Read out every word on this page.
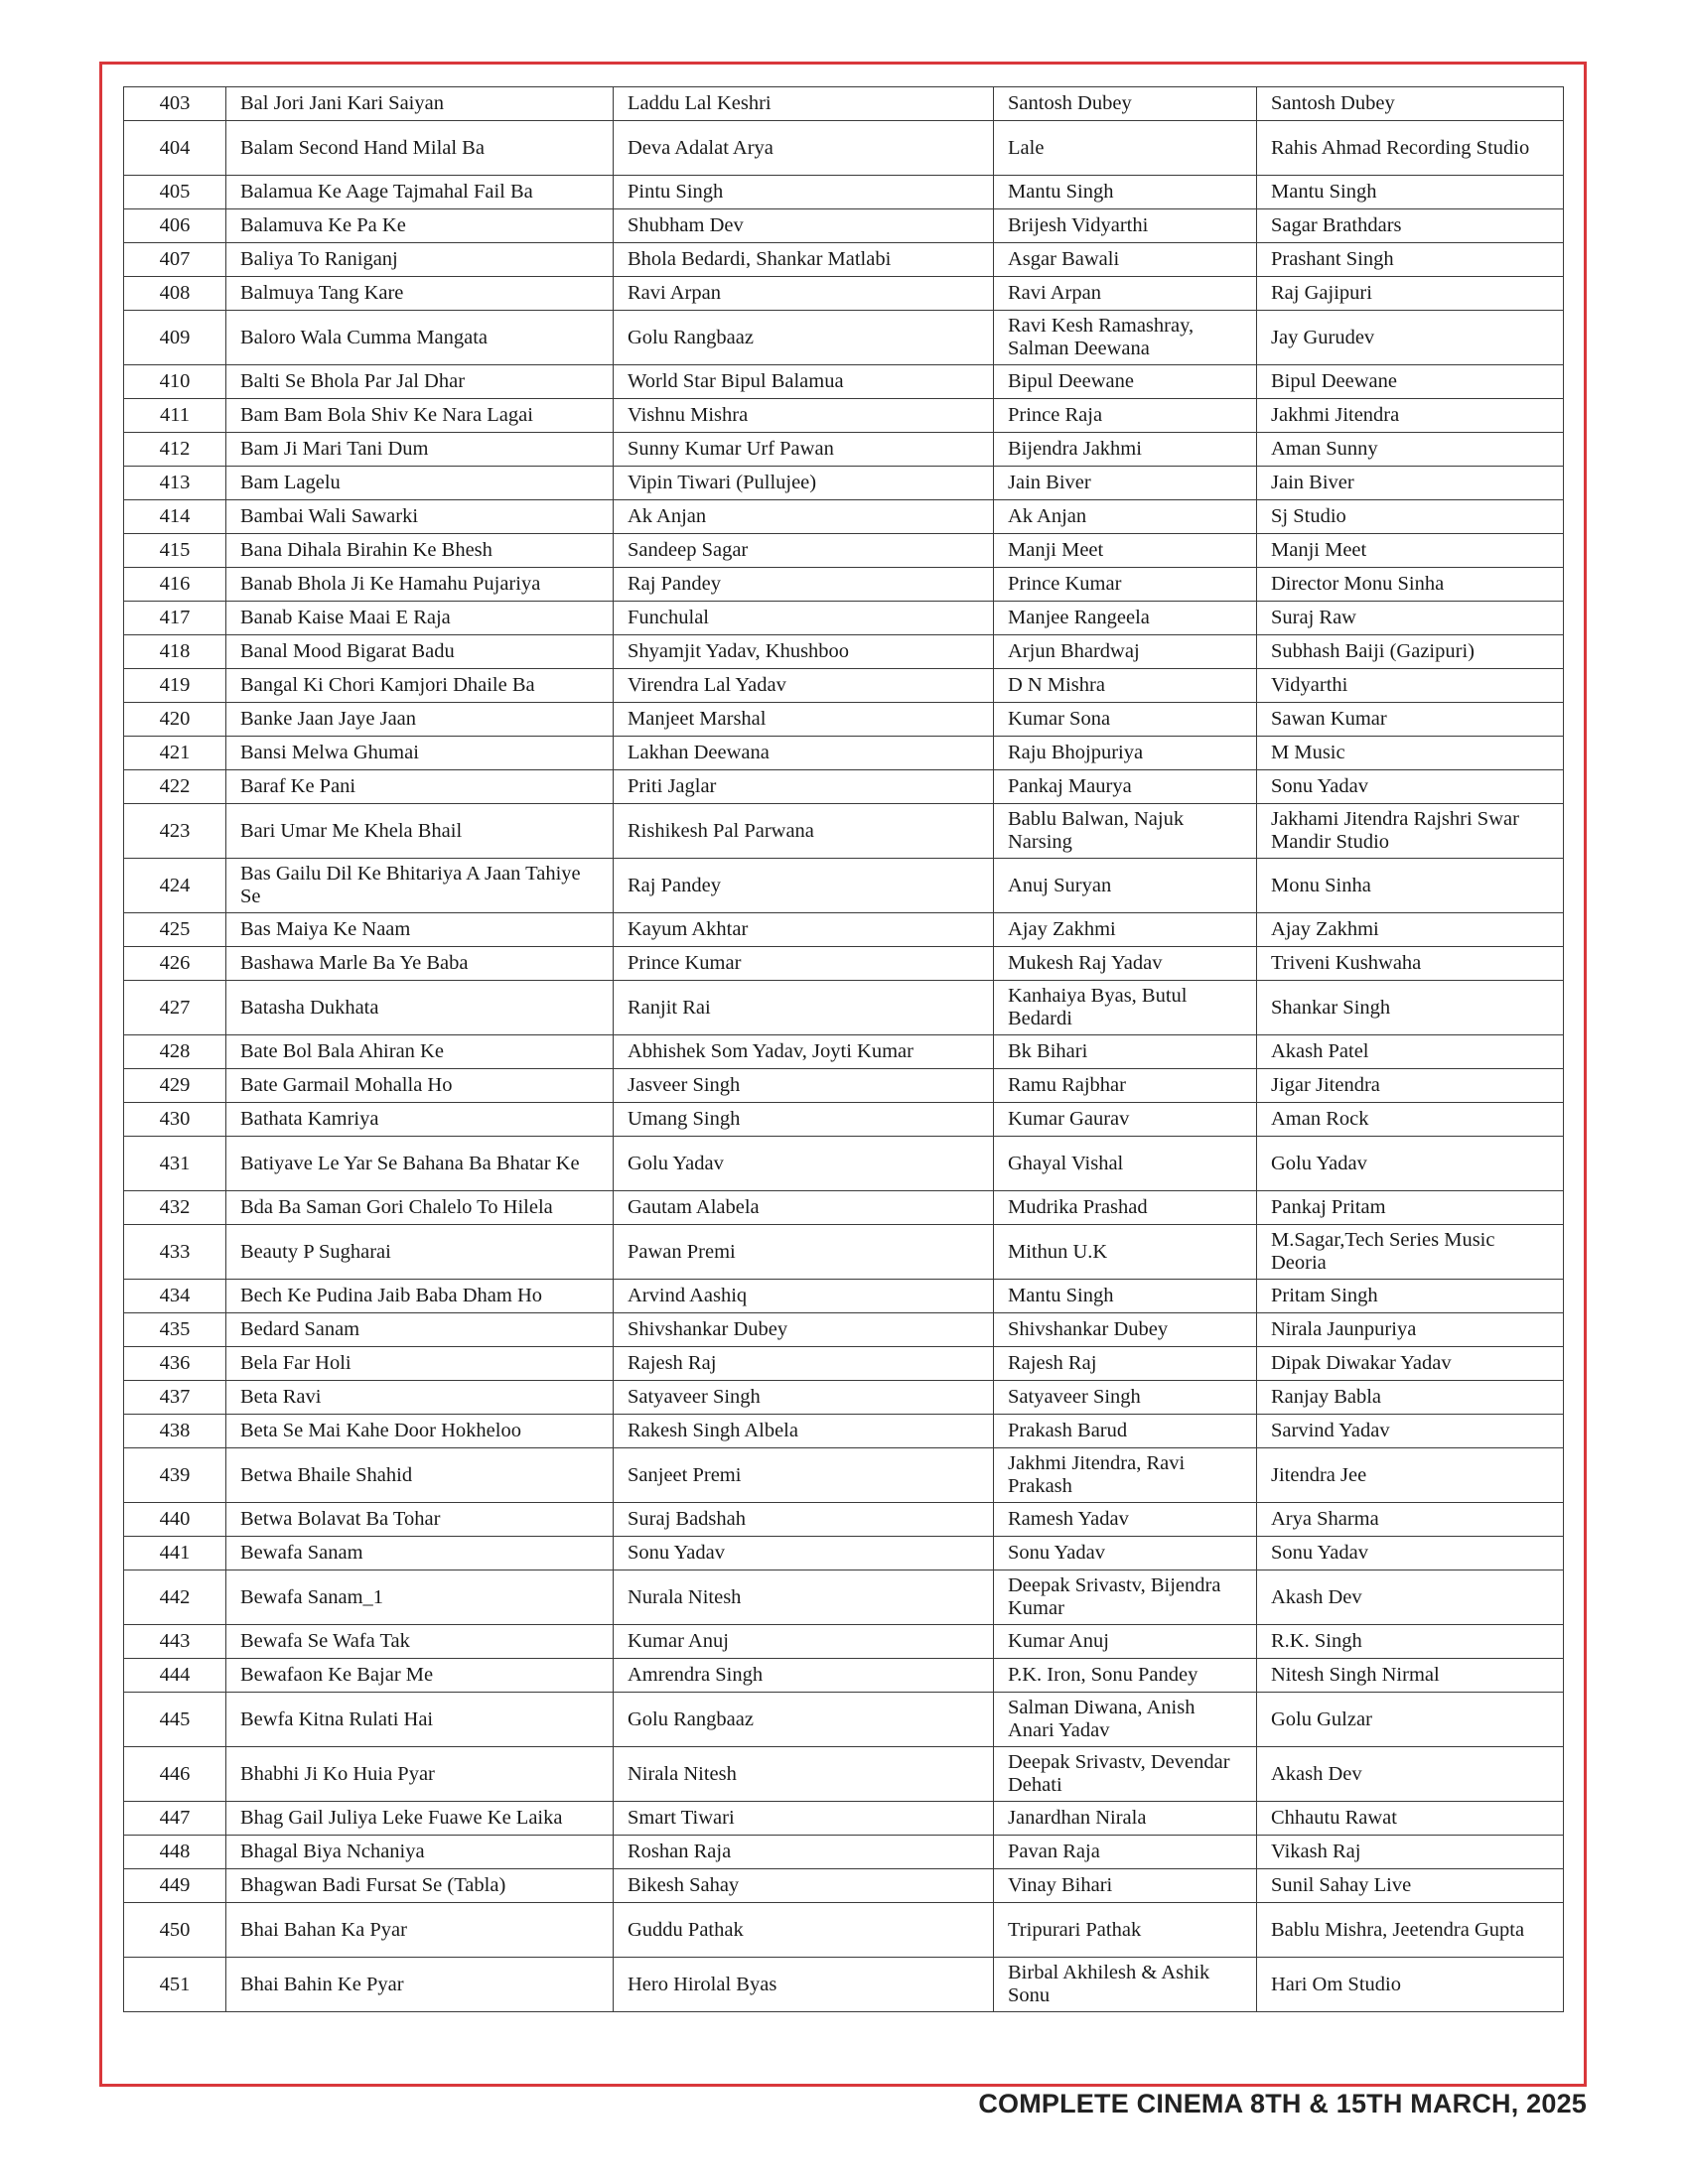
403	Bal Jori Jani Kari Saiyan	Laddu Lal Keshri	Santosh Dubey	Santosh Dubey
404	Balam Second Hand Milal Ba	Deva Adalat Arya	Lale	Rahis Ahmad Recording Studio
405	Balamua Ke Aage Tajmahal Fail Ba	Pintu Singh	Mantu Singh	Mantu Singh
406	Balamuva Ke Pa Ke	Shubham Dev	Brijesh Vidyarthi	Sagar Brathdars
407	Baliya To Raniganj	Bhola Bedardi, Shankar Matlabi	Asgar Bawali	Prashant Singh
408	Balmuya Tang Kare	Ravi Arpan	Ravi Arpan	Raj Gajipuri
409	Baloro Wala Cumma Mangata	Golu Rangbaaz	Ravi Kesh Ramashray, Salman Deewana	Jay Gurudev
410	Balti Se Bhola Par Jal Dhar	World Star Bipul Balamua	Bipul Deewane	Bipul Deewane
411	Bam Bam Bola Shiv Ke Nara Lagai	Vishnu Mishra	Prince Raja	Jakhmi Jitendra
412	Bam Ji Mari Tani Dum	Sunny Kumar Urf Pawan	Bijendra Jakhmi	Aman Sunny
413	Bam Lagelu	Vipin Tiwari (Pullujee)	Jain Biver	Jain Biver
414	Bambai Wali Sawarki	Ak Anjan	Ak Anjan	Sj Studio
415	Bana Dihala Birahin Ke Bhesh	Sandeep Sagar	Manji Meet	Manji Meet
416	Banab Bhola Ji Ke Hamahu Pujariya	Raj Pandey	Prince Kumar	Director Monu Sinha
417	Banab Kaise Maai E Raja	Funchulal	Manjee Rangeela	Suraj Raw
418	Banal Mood Bigarat Badu	Shyamjit Yadav, Khushboo	Arjun Bhardwaj	Subhash Baiji (Gazipuri)
419	Bangal Ki Chori Kamjori Dhaile Ba	Virendra Lal Yadav	D N Mishra	Vidyarthi
420	Banke Jaan Jaye Jaan	Manjeet Marshal	Kumar Sona	Sawan Kumar
421	Bansi Melwa Ghumai	Lakhan Deewana	Raju Bhojpuriya	M Music
422	Baraf Ke Pani	Priti Jaglar	Pankaj Maurya	Sonu Yadav
423	Bari Umar Me Khela Bhail	Rishikesh Pal Parwana	Bablu Balwan, Najuk Narsing	Jakhami Jitendra Rajshri Swar Mandir Studio
424	Bas Gailu Dil Ke Bhitariya A Jaan Tahiye Se	Raj Pandey	Anuj Suryan	Monu Sinha
425	Bas Maiya Ke Naam	Kayum Akhtar	Ajay Zakhmi	Ajay Zakhmi
426	Bashawa Marle Ba Ye Baba	Prince Kumar	Mukesh Raj Yadav	Triveni Kushwaha
427	Batasha Dukhata	Ranjit Rai	Kanhaiya Byas, Butul Bedardi	Shankar Singh
428	Bate Bol Bala Ahiran Ke	Abhishek Som Yadav, Joyti Kumar	Bk Bihari	Akash Patel
429	Bate Garmail Mohalla Ho	Jasveer Singh	Ramu Rajbhar	Jigar Jitendra
430	Bathata Kamriya	Umang Singh	Kumar Gaurav	Aman Rock
431	Batiyave Le Yar Se Bahana Ba Bhatar Ke	Golu Yadav	Ghayal Vishal	Golu Yadav
432	Bda Ba Saman Gori Chalelo To Hilela	Gautam Alabela	Mudrika Prashad	Pankaj Pritam
433	Beauty P Sugharai	Pawan Premi	Mithun U.K	M.Sagar,Tech Series Music Deoria
434	Bech Ke Pudina Jaib Baba Dham Ho	Arvind Aashiq	Mantu Singh	Pritam Singh
435	Bedard Sanam	Shivshankar Dubey	Shivshankar Dubey	Nirala Jaunpuriya
436	Bela Far Holi	Rajesh Raj	Rajesh Raj	Dipak Diwakar Yadav
437	Beta Ravi	Satyaveer Singh	Satyaveer Singh	Ranjay Babla
438	Beta Se Mai Kahe Door Hokheloo	Rakesh Singh Albela	Prakash Barud	Sarvind Yadav
439	Betwa Bhaile Shahid	Sanjeet Premi	Jakhmi Jitendra, Ravi Prakash	Jitendra Jee
440	Betwa Bolavat Ba Tohar	Suraj Badshah	Ramesh Yadav	Arya Sharma
441	Bewafa Sanam	Sonu Yadav	Sonu Yadav	Sonu Yadav
442	Bewafa Sanam_1	Nurala Nitesh	Deepak Srivastv, Bijendra Kumar	Akash Dev
443	Bewafa Se Wafa Tak	Kumar Anuj	Kumar Anuj	R.K. Singh
444	Bewafaon Ke Bajar Me	Amrendra Singh	P.K. Iron, Sonu Pandey	Nitesh Singh Nirmal
445	Bewfa Kitna Rulati Hai	Golu Rangbaaz	Salman Diwana, Anish Anari Yadav	Golu Gulzar
446	Bhabhi Ji Ko Huia Pyar	Nirala Nitesh	Deepak Srivastv, Devendar Dehati	Akash Dev
447	Bhag Gail Juliya Leke Fuawe Ke Laika	Smart Tiwari	Janardhan Nirala	Chhautu Rawat
448	Bhagal Biya Nchaniya	Roshan Raja	Pavan Raja	Vikash Raj
449	Bhagwan Badi Fursat Se (Tabla)	Bikesh Sahay	Vinay Bihari	Sunil Sahay Live
450	Bhai Bahan Ka Pyar	Guddu Pathak	Tripurari Pathak	Bablu Mishra, Jeetendra Gupta
451	Bhai Bahin Ke Pyar	Hero Hirolal Byas	Birbal Akhilesh & Ashik Sonu	Hari Om Studio
COMPLETE CINEMA 8TH & 15TH MARCH, 2025
